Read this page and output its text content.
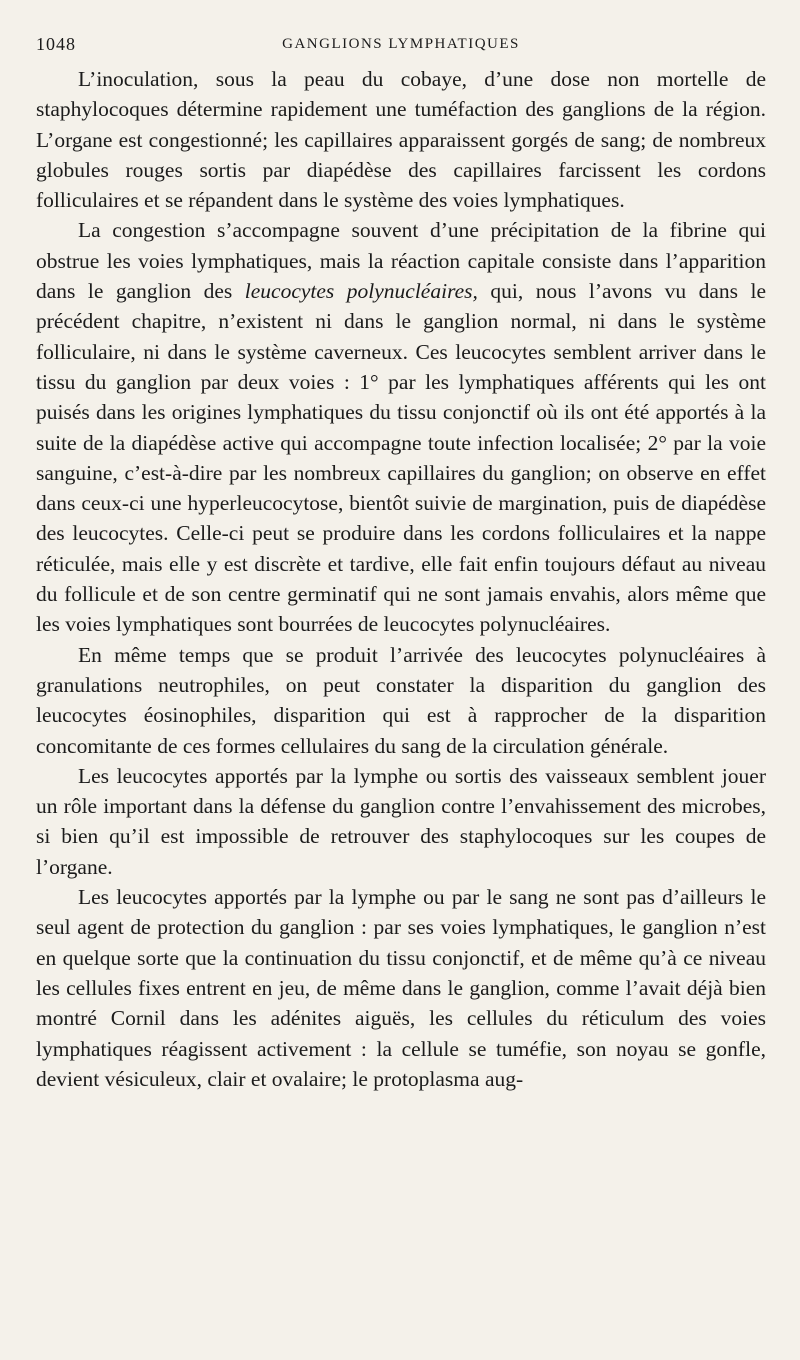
1048	GANGLIONS LYMPHATIQUES

L’inoculation, sous la peau du cobaye, d’une dose non mortelle de staphylocoques détermine rapidement une tuméfaction des ganglions de la région. L’organe est congestionné; les capillaires apparaissent gorgés de sang; de nombreux globules rouges sortis par diapédèse des capillaires farcissent les cordons folliculaires et se répandent dans le système des voies lymphatiques.

La congestion s’accompagne souvent d’une précipitation de la fibrine qui obstrue les voies lymphatiques, mais la réaction capitale consiste dans l’apparition dans le ganglion des leucocytes polynucléaires, qui, nous l’avons vu dans le précédent chapitre, n’existent ni dans le ganglion normal, ni dans le système folliculaire, ni dans le système caverneux. Ces leucocytes semblent arriver dans le tissu du ganglion par deux voies : 1° par les lymphatiques afférents qui les ont puisés dans les origines lymphatiques du tissu conjonctif où ils ont été apportés à la suite de la diapédèse active qui accompagne toute infection localisée; 2° par la voie sanguine, c’est-à-dire par les nombreux capillaires du ganglion; on observe en effet dans ceux-ci une hyperleucocytose, bientôt suivie de margination, puis de diapédèse des leucocytes. Celle-ci peut se produire dans les cordons folliculaires et la nappe réticulée, mais elle y est discrète et tardive, elle fait enfin toujours défaut au niveau du follicule et de son centre germinatif qui ne sont jamais envahis, alors même que les voies lymphatiques sont bourrées de leucocytes polynucléaires.

En même temps que se produit l’arrivée des leucocytes polynucléaires à granulations neutrophiles, on peut constater la disparition du ganglion des leucocytes éosinophiles, disparition qui est à rapprocher de la disparition concomitante de ces formes cellulaires du sang de la circulation générale.

Les leucocytes apportés par la lymphe ou sortis des vaisseaux semblent jouer un rôle important dans la défense du ganglion contre l’envahissement des microbes, si bien qu’il est impossible de retrouver des staphylocoques sur les coupes de l’organe.

Les leucocytes apportés par la lymphe ou par le sang ne sont pas d’ailleurs le seul agent de protection du ganglion : par ses voies lymphatiques, le ganglion n’est en quelque sorte que la continuation du tissu conjonctif, et de même qu’à ce niveau les cellules fixes entrent en jeu, de même dans le ganglion, comme l’avait déjà bien montré Cornil dans les adénites aiguës, les cellules du réticulum des voies lymphatiques réagissent activement : la cellule se tuméfie, son noyau se gonfle, devient vésiculeux, clair et ovalaire; le protoplasma aug-
